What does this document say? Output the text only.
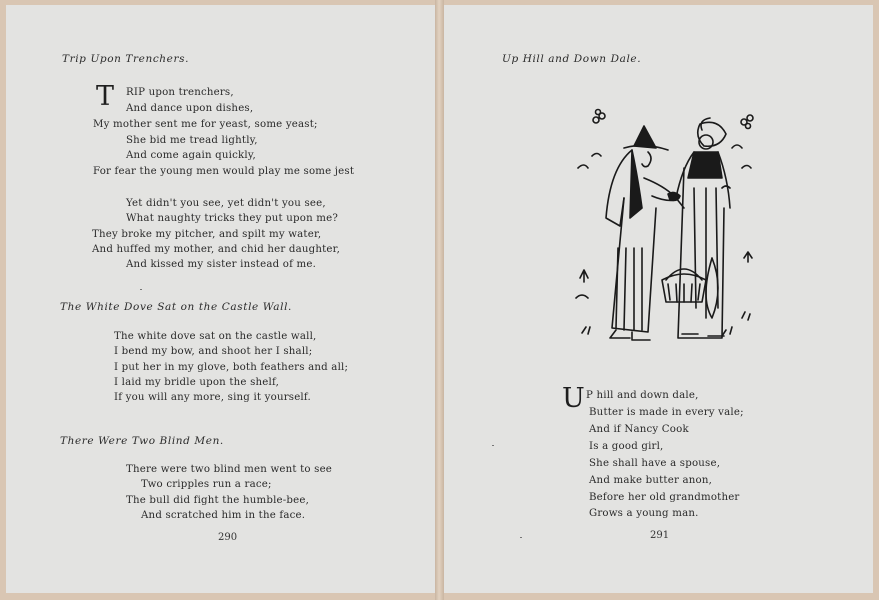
Trip Upon Trenchers.
T RIP upon trenchers,
And dance upon dishes,
My mother sent me for yeast, some yeast;
She bid me tread lightly,
And come again quickly,
For fear the young men would play me some jest
Yet didn't you see, yet didn't you see,
What naughty tricks they put upon me?
They broke my pitcher, and spilt my water,
And huffed my mother, and chid her daughter,
And kissed my sister instead of me.
The White Dove Sat on the Castle Wall.
The white dove sat on the castle wall,
I bend my bow, and shoot her I shall;
I put her in my glove, both feathers and all;
I laid my bridle upon the shelf,
If you will any more, sing it yourself.
There Were Two Blind Men.
There were two blind men went to see
Two cripples run a race;
The bull did fight the humble-bee,
And scratched him in the face.
290
Up Hill and Down Dale.
U P hill and down dale,
Butter is made in every vale;
And if Nancy Cook
Is a good girl,
She shall have a spouse,
And make butter anon,
Before her old grandmother
Grows a young man.
291
